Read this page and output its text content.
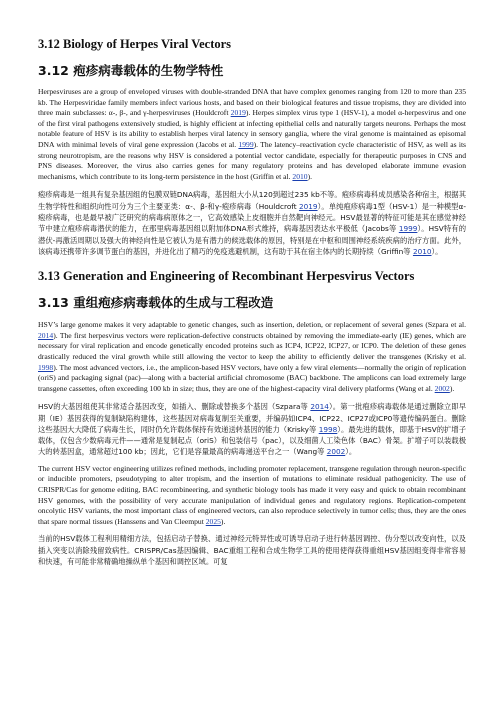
3.12 Biology of Herpes Viral Vectors
3.12 疱疹病毒载体的生物学特性

Herpesviruses are a group of enveloped viruses with double-stranded DNA that have complex genomes ranging from 120 to more than 235 kb. The Herpesviridae family members infect various hosts, and based on their biological features and tissue tropisms, they are divided into three main subclasses: α-, β-, and γ-herpesviruses (Houldcroft 2019). Herpes simplex virus type 1 (HSV-1), a model α-herpesvirus and one of the first viral pathogens extensively studied, is highly efficient at infecting epithelial cells and naturally targets neurons. Perhaps the most notable feature of HSV is its ability to establish herpes viral latency in sensory ganglia, where the viral genome is maintained as episomal DNA with minimal levels of viral gene expression (Jacobs et al. 1999). The latency–reactivation cycle characteristic of HSV, as well as its strong neurotropism, are the reasons why HSV is considered a potential vector candidate, especially for therapeutic purposes in CNS and PNS diseases. Moreover, the virus also carries genes for many regulatory proteins and has developed elaborate immune evasion mechanisms, which contribute to its long-term persistence in the host (Griffin et al. 2010).

疱疹病毒是一组具有复杂基因组的包膜双链DNA病毒，基因组大小从120到超过235 kb不等。疱疹病毒科成员感染各种宿主，根据其生物学特性和组织向性可分为三个主要亚类：α-、β-和γ-疱疹病毒（Houldcroft 2019）。单纯疱疹病毒1型（HSV-1）是一种模型α-疱疹病毒，也是最早被广泛研究的病毒病原体之一，它高效感染上皮细胞并自然靶向神经元。HSV最显著的特征可能是其在感觉神经节中建立疱疹病毒潜伏的能力，在那里病毒基因组以附加体DNA形式维持，病毒基因表达水平极低（Jacobs等 1999）。HSV特有的潜伏-再激活周期以及强大的神经向性是它被认为是有潜力的候选载体的原因，特别是在中枢和周围神经系统疾病的治疗方面。此外，该病毒还携带许多调节蛋白的基因，并进化出了精巧的免疫逃避机制，这有助于其在宿主体内的长期持续（Griffin等 2010）。

3.13 Generation and Engineering of Recombinant Herpesvirus Vectors
3.13 重组疱疹病毒载体的生成与工程改造

HSV’s large genome makes it very adaptable to genetic changes, such as insertion, deletion, or replacement of several genes (Szpara et al. 2014). The first herpesvirus vectors were replication-defective constructs obtained by removing the immediate-early (IE) genes, which are necessary for viral replication and encode genetically encoded proteins such as ICP4, ICP22, ICP27, or ICP0. The deletion of these genes drastically reduced the viral growth while still allowing the vector to keep the ability to efficiently deliver the transgenes (Krisky et al. 1998). The most advanced vectors, i.e., the amplicon-based HSV vectors, have only a few viral elements—normally the origin of replication (oriS) and packaging signal (pac)—along with a bacterial artificial chromosome (BAC) backbone. The amplicons can load extremely large transgene cassettes, often exceeding 100 kb in size; thus, they are one of the highest-capacity viral delivery platforms (Wang et al. 2002).

HSV的大基因组使其非常适合基因改变，如插入、删除或替换多个基因（Szpara等 2014）。第一批疱疹病毒载体是通过删除立即早期（IE）基因获得的复制缺陷构建体，这些基因对病毒复制至关重要，并编码如ICP4、ICP22、ICP27或ICP0等遗传编码蛋白。删除这些基因大大降低了病毒生长，同时仍允许载体保持有效递送转基因的能力（Krisky等 1998）。最先进的载体，即基于HSV的扩增子载体，仅包含少数病毒元件——通常是复制起点（oriS）和包装信号（pac），以及细菌人工染色体（BAC）骨架。扩增子可以装载极大的转基因盒，通常超过100 kb；因此，它们是容量最高的病毒递送平台之一（Wang等 2002）。

The current HSV vector engineering utilizes refined methods, including promoter replacement, transgene regulation through neuron-specific or inducible promoters, pseudotyping to alter tropism, and the insertion of mutations to eliminate residual pathogenicity. The use of CRISPR/Cas for genome editing, BAC recombineering, and synthetic biology tools has made it very easy and quick to obtain recombinant HSV genomes, with the possibility of very accurate manipulation of individual genes and regulatory regions. Replication-competent oncolytic HSV variants, the most important class of engineered vectors, can also reproduce selectively in tumor cells; thus, they are the ones that spare normal tissues (Hanssens and Van Cleemput 2025).

当前的HSV载体工程利用精细方法，包括启动子替换、通过神经元特异性或可诱导启动子进行转基因调控、伪分型以改变向性，以及插入突变以消除残留致病性。CRISPR/Cas基因编辑、BAC重组工程和合成生物学工具的使用使得获得重组HSV基因组变得非常容易和快速，有可能非常精确地操纵单个基因和调控区域。可复
